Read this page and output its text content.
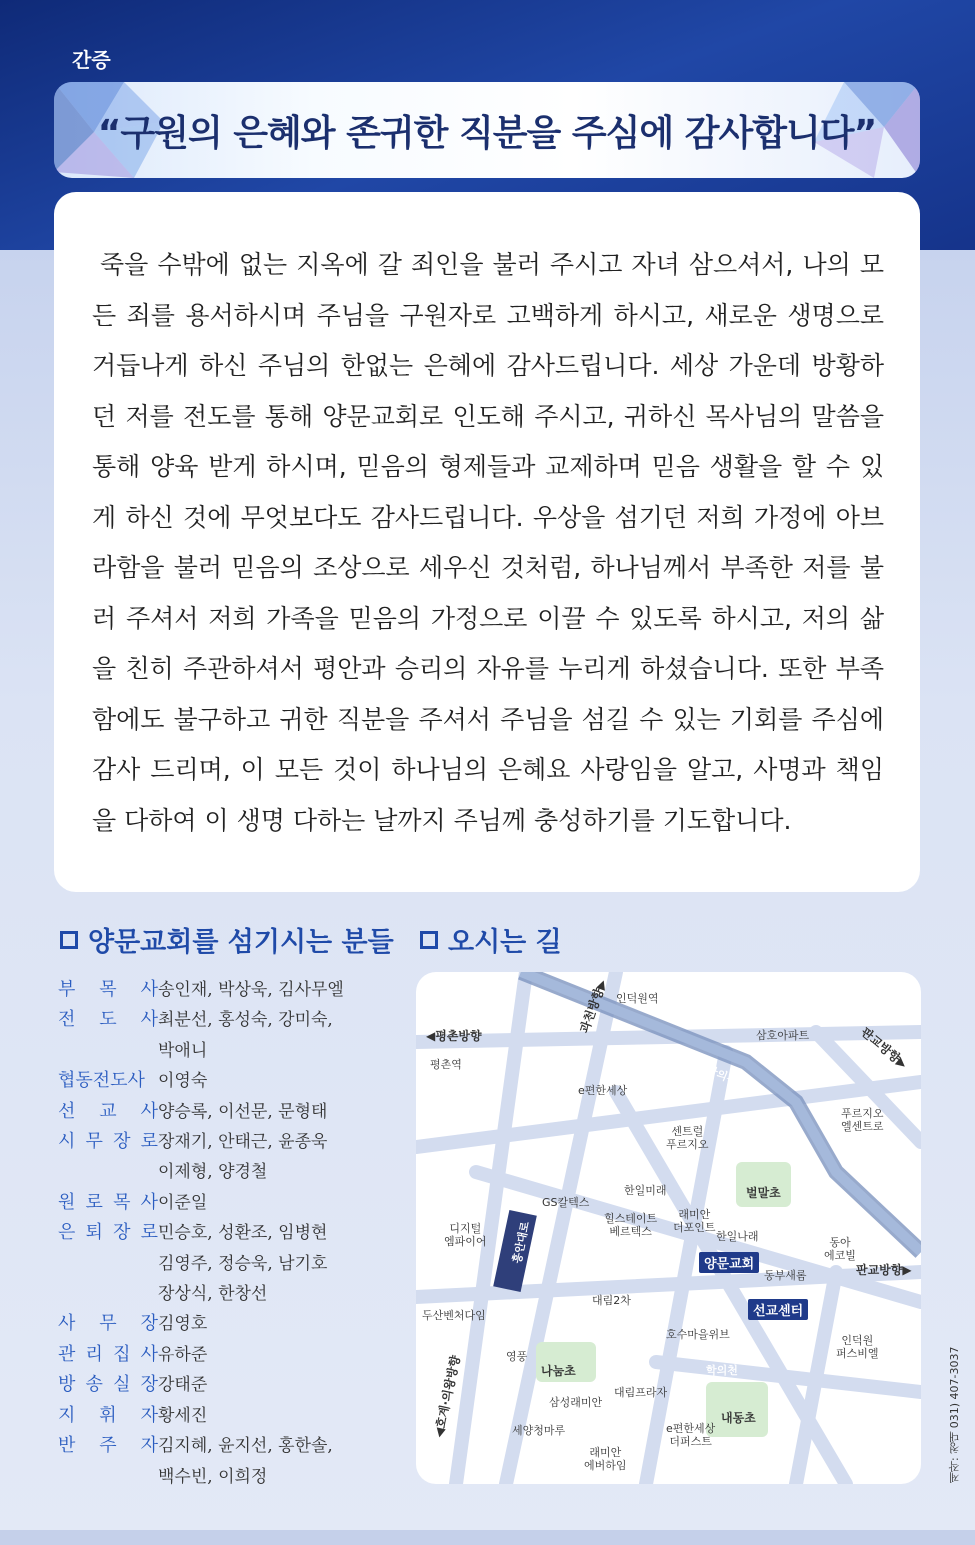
간증
“구원의 은혜와 존귀한 직분을 주심에 감사합니다”
죽을 수밖에 없는 지옥에 갈 죄인을 불러 주시고 자녀 삼으셔서, 나의 모든 죄를 용서하시며 주님을 구원자로 고백하게 하시고, 새로운 생명으로 거듭나게 하신 주님의 한없는 은혜에 감사드립니다. 세상 가운데 방황하던 저를 전도를 통해 양문교회로 인도해 주시고, 귀하신 목사님의 말씀을 통해 양육 받게 하시며, 믿음의 형제들과 교제하며 믿음 생활을 할 수 있게 하신 것에 무엇보다도 감사드립니다. 우상을 섬기던 저희 가정에 아브라함을 불러 믿음의 조상으로 세우신 것처럼, 하나님께서 부족한 저를 불러 주셔서 저희 가족을 믿음의 가정으로 이끌 수 있도록 하시고, 저의 삶을 친히 주관하셔서 평안과 승리의 자유를 누리게 하셨습니다. 또한 부족함에도 불구하고 귀한 직분을 주셔서 주님을 섬길 수 있는 기회를 주심에 감사 드리며, 이 모든 것이 하나님의 은혜요 사랑임을 알고, 사명과 책임을 다하여 이 생명 다하는 날까지 주님께 충성하기를 기도합니다.
양문교회를 섬기시는 분들 오시는 길
부 목 사 송인재, 박상욱, 김사무엘
전 도 사 최분선, 홍성숙, 강미숙,
박애니
협동전도사 이영숙
선 교 사 양승록, 이선문, 문형태
시 무 장 로 장재기, 안태근, 윤종욱
이제형, 양경철
원 로 목 사 이준일
은 퇴 장 로 민승호, 성환조, 임병현
김영주, 정승욱, 남기호
장상식, 한창선
사 무 장 김영호
관 리 집 사 유하준
방 송 실 장 강태준
지 휘 자 황세진
반 주 자 김지혜, 윤지선, 홍한솔,
백수빈, 이희정
◀평촌방향
과천방향▶
판교방향▶
판교방향▶
◀호계·의왕방향	학의천
학의천
흥안대로
인덕원역
평촌역
삼호아파트
e편한세상
푸르지오
엘센트로
센트럴
푸르지오
한일미래
힐스테이트
베르텍스
래미안
더포인트
한일나래
동부새롬
동아
에코빌
GS칼텍스
디지털
엠파이어
대림2차
두산벤처다임
호수마을위브	인덕원
퍼스비엘
영풍
삼성래미안
대림프라자
세양청마루	e편한세상
더퍼스트
래미안
에버하임
벌말초
나눔초
내동초
양문교회
선교센터
제작: 청대 031) 407-3037
